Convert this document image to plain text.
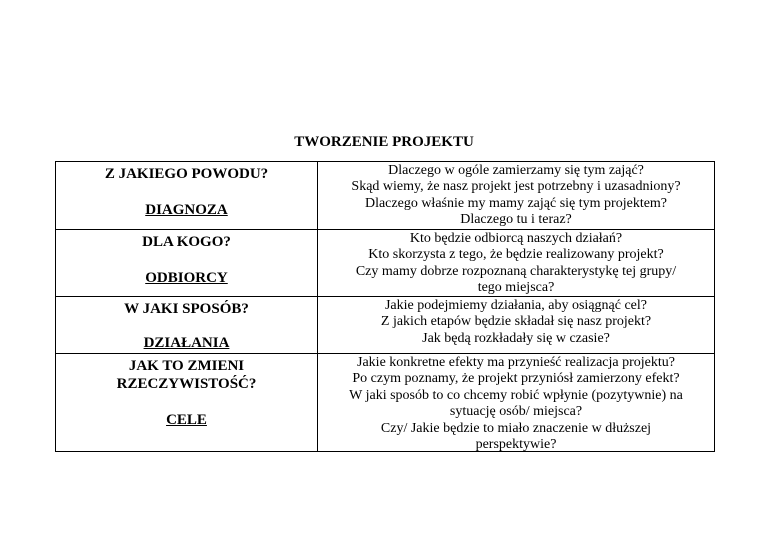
TWORZENIE PROJEKTU
Z JAKIEGO POWODU?
DIAGNOZA
Dlaczego w ogóle zamierzamy się tym zająć?
Skąd wiemy, że nasz projekt jest potrzebny i uzasadniony?
Dlaczego właśnie my mamy zająć się tym projektem?
Dlaczego tu i teraz?
DLA KOGO?
ODBIORCY
Kto będzie odbiorcą naszych działań?
Kto skorzysta z tego, że będzie realizowany projekt?
Czy mamy dobrze rozpoznaną charakterystykę tej grupy/
tego miejsca?
W JAKI SPOSÓB?
DZIAŁANIA
Jakie podejmiemy działania, aby osiągnąć cel?
Z jakich etapów będzie składał się nasz projekt?
Jak będą rozkładały się w czasie?
JAK TO ZMIENI
RZECZYWISTOŚĆ?
CELE
Jakie konkretne efekty ma przynieść realizacja projektu?
Po czym poznamy, że projekt przyniósł zamierzony efekt?
W jaki sposób to co chcemy robić wpłynie (pozytywnie) na
sytuację osób/ miejsca?
Czy/ Jakie będzie to miało znaczenie w dłuższej
perspektywie?
